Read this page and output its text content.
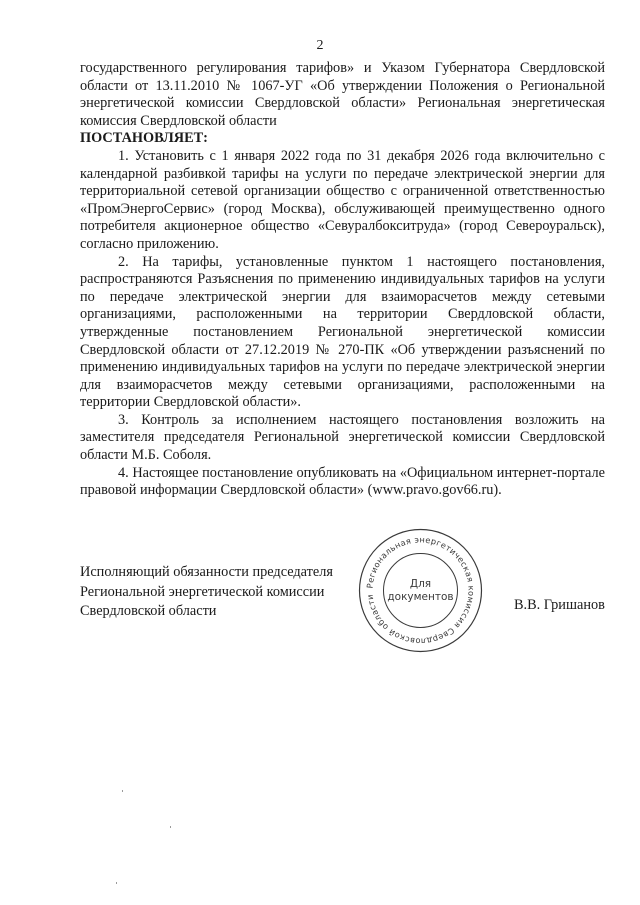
2

государственного регулирования тарифов» и Указом Губернатора Свердловской области от 13.11.2010 № 1067-УГ «Об утверждении Положения о Региональной энергетической комиссии Свердловской области» Региональная энергетическая комиссия Свердловской области

ПОСТАНОВЛЯЕТ:

1. Установить с 1 января 2022 года по 31 декабря 2026 года включительно с календарной разбивкой тарифы на услуги по передаче электрической энергии для территориальной сетевой организации общество с ограниченной ответственностью «ПромЭнергоСервис» (город Москва), обслуживающей преимущественно одного потребителя акционерное общество «Севуралбокситруда» (город Североуральск), согласно приложению.

2. На тарифы, установленные пунктом 1 настоящего постановления, распространяются Разъяснения по применению индивидуальных тарифов на услуги по передаче электрической энергии для взаиморасчетов между сетевыми организациями, расположенными на территории Свердловской области, утвержденные постановлением Региональной энергетической комиссии Свердловской области от 27.12.2019 № 270-ПК «Об утверждении разъяснений по применению индивидуальных тарифов на услуги по передаче электрической энергии для взаиморасчетов между сетевыми организациями, расположенными на территории Свердловской области».

3. Контроль за исполнением настоящего постановления возложить на заместителя председателя Региональной энергетической комиссии Свердловской области М.Б. Соболя.

4. Настоящее постановление опубликовать на «Официальном интернет-портале правовой информации Свердловской области» (www.pravo.gov66.ru).

Исполняющий обязанности председателя
Региональной энергетической комиссии
Свердловской области	В.В. Гришанов
Региональная энергетическая комиссия Свердловской области
Для
документов
